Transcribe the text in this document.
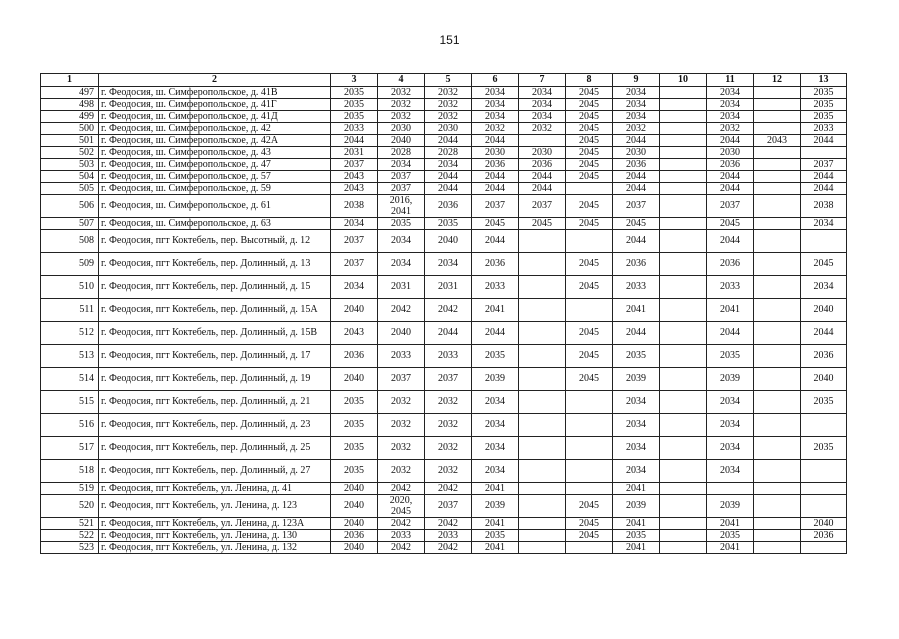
151
1	2	3	4	5	6	7	8	9	10	11	12	13
497	г. Феодосия, ш. Симферопольское, д. 41В	2035	2032	2032	2034	2034	2045	2034		2034		2035
498	г. Феодосия, ш. Симферопольское, д. 41Г	2035	2032	2032	2034	2034	2045	2034		2034		2035
499	г. Феодосия, ш. Симферопольское, д. 41Д	2035	2032	2032	2034	2034	2045	2034		2034		2035
500	г. Феодосия, ш. Симферопольское, д. 42	2033	2030	2030	2032	2032	2045	2032		2032		2033
501	г. Феодосия, ш. Симферопольское, д. 42А	2044	2040	2044	2044		2045	2044		2044	2043	2044
502	г. Феодосия, ш. Симферопольское, д. 43	2031	2028	2028	2030	2030	2045	2030		2030		
503	г. Феодосия, ш. Симферопольское, д. 47	2037	2034	2034	2036	2036	2045	2036		2036		2037
504	г. Феодосия, ш. Симферопольское, д. 57	2043	2037	2044	2044	2044	2045	2044		2044		2044
505	г. Феодосия, ш. Симферопольское, д. 59	2043	2037	2044	2044	2044		2044		2044		2044
506	г. Феодосия, ш. Симферопольское, д. 61	2038	2016, 2041	2036	2037	2037	2045	2037		2037		2038
507	г. Феодосия, ш. Симферопольское, д. 63	2034	2035	2035	2045	2045	2045	2045		2045		2034
508	г. Феодосия, пгт Коктебель, пер. Высотный, д. 12	2037	2034	2040	2044			2044		2044		
509	г. Феодосия, пгт Коктебель, пер. Долинный, д. 13	2037	2034	2034	2036		2045	2036		2036		2045
510	г. Феодосия, пгт Коктебель, пер. Долинный, д. 15	2034	2031	2031	2033		2045	2033		2033		2034
511	г. Феодосия, пгт Коктебель, пер. Долинный, д. 15А	2040	2042	2042	2041			2041		2041		2040
512	г. Феодосия, пгт Коктебель, пер. Долинный, д. 15В	2043	2040	2044	2044		2045	2044		2044		2044
513	г. Феодосия, пгт Коктебель, пер. Долинный, д. 17	2036	2033	2033	2035		2045	2035		2035		2036
514	г. Феодосия, пгт Коктебель, пер. Долинный, д. 19	2040	2037	2037	2039		2045	2039		2039		2040
515	г. Феодосия, пгт Коктебель, пер. Долинный, д. 21	2035	2032	2032	2034			2034		2034		2035
516	г. Феодосия, пгт Коктебель, пер. Долинный, д. 23	2035	2032	2032	2034			2034		2034		
517	г. Феодосия, пгт Коктебель, пер. Долинный, д. 25	2035	2032	2032	2034			2034		2034		2035
518	г. Феодосия, пгт Коктебель, пер. Долинный, д. 27	2035	2032	2032	2034			2034		2034		
519	г. Феодосия, пгт Коктебель, ул. Ленина, д. 41	2040	2042	2042	2041			2041				
520	г. Феодосия, пгт Коктебель, ул. Ленина, д. 123	2040	2020, 2045	2037	2039		2045	2039		2039		
521	г. Феодосия, пгт Коктебель, ул. Ленина, д. 123А	2040	2042	2042	2041		2045	2041		2041		2040
522	г. Феодосия, пгт Коктебель, ул. Ленина, д. 130	2036	2033	2033	2035		2045	2035		2035		2036
523	г. Феодосия, пгт Коктебель, ул. Ленина, д. 132	2040	2042	2042	2041			2041		2041		
